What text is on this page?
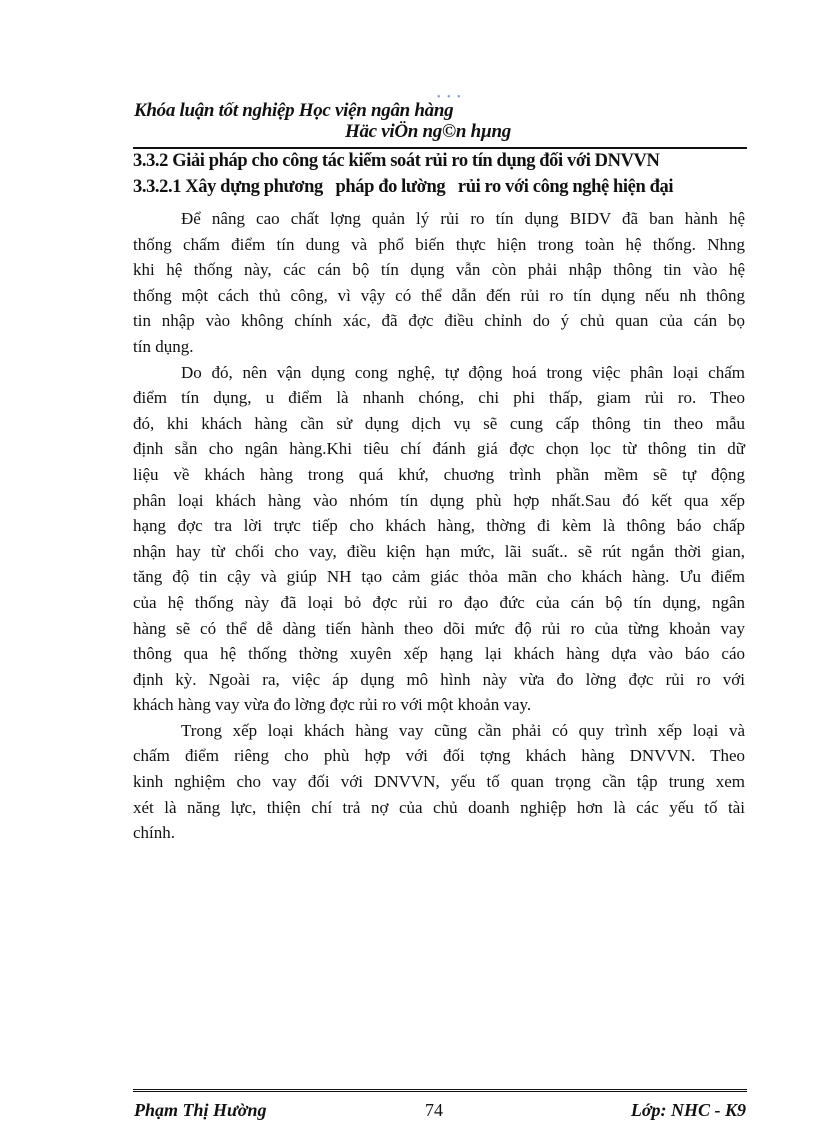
• • •
Khóa luận tốt nghiệp Học viện ngân hàng
Häc viÖn ng©n hµng
3.3.2 Giải pháp cho công tác kiểm soát rủi ro tín dụng đối với DNVVN
3.3.2.1 Xây dựng phương   pháp đo lường   rủi ro với công nghệ hiện đại
Để nâng cao chất lợng quản lý rủi ro tín dụng BIDV đã ban hành hệ
thống chấm điểm tín dung và phổ biến thực hiện trong toàn hệ thống. Nhng
khi hệ thống này, các cán bộ tín dụng vẫn còn phải nhập thông tin vào hệ
thống một cách thủ công, vì vậy có thể dẫn đến rủi ro tín dụng nếu nh thông
tin nhập vào không chính xác, đã đợc điều chỉnh do ý chủ quan của cán bọ
tín dụng.
Do đó, nên vận dụng cong nghệ, tự động hoá trong việc phân loại chấm
điểm tín dụng, u điểm là nhanh chóng, chi phi thấp, giam rủi ro. Theo
đó, khi khách hàng cần sử dụng dịch vụ sẽ cung cấp thông tin theo mẫu
định sẵn cho ngân hàng.Khi tiêu chí đánh giá đợc chọn lọc từ thông tin dữ
liệu về khách hàng trong quá khứ, chuơng trình phần mềm sẽ tự động
phân loại khách hàng vào nhóm tín dụng phù hợp nhất.Sau đó kết qua xếp
hạng đợc tra lời trực tiếp cho khách hàng, thờng đi kèm là thông báo chấp
nhận hay từ chối cho vay, điều kiện hạn mức, lãi suất.. sẽ rút ngắn thời gian,
tăng độ tin cậy và giúp NH tạo cảm giác thỏa mãn cho khách hàng. Ưu điểm
của hệ thống này đã loại bỏ đợc rủi ro đạo đức của cán bộ tín dụng, ngân
hàng sẽ có thể dễ dàng tiến hành theo dõi mức độ rủi ro của từng khoản vay
thông qua hệ thống thờng xuyên xếp hạng lại khách hàng dựa vào báo cáo
định kỳ. Ngoài ra, việc áp dụng mô hình này vừa đo lờng đợc rủi ro với
khách hàng vay vừa đo lờng đợc rủi ro với một khoản vay.
Trong xếp loại khách hàng vay cũng cần phải có quy trình xếp loại và
chấm điểm riêng cho phù hợp với đối tợng khách hàng DNVVN. Theo
kinh nghiệm cho vay đối với DNVVN, yếu tố quan trọng cần tập trung xem
xét là năng lực, thiện chí trả nợ của chủ doanh nghiệp hơn là các yếu tố tài
chính.
Phạm Thị Hường	74	Lớp: NHC - K9
